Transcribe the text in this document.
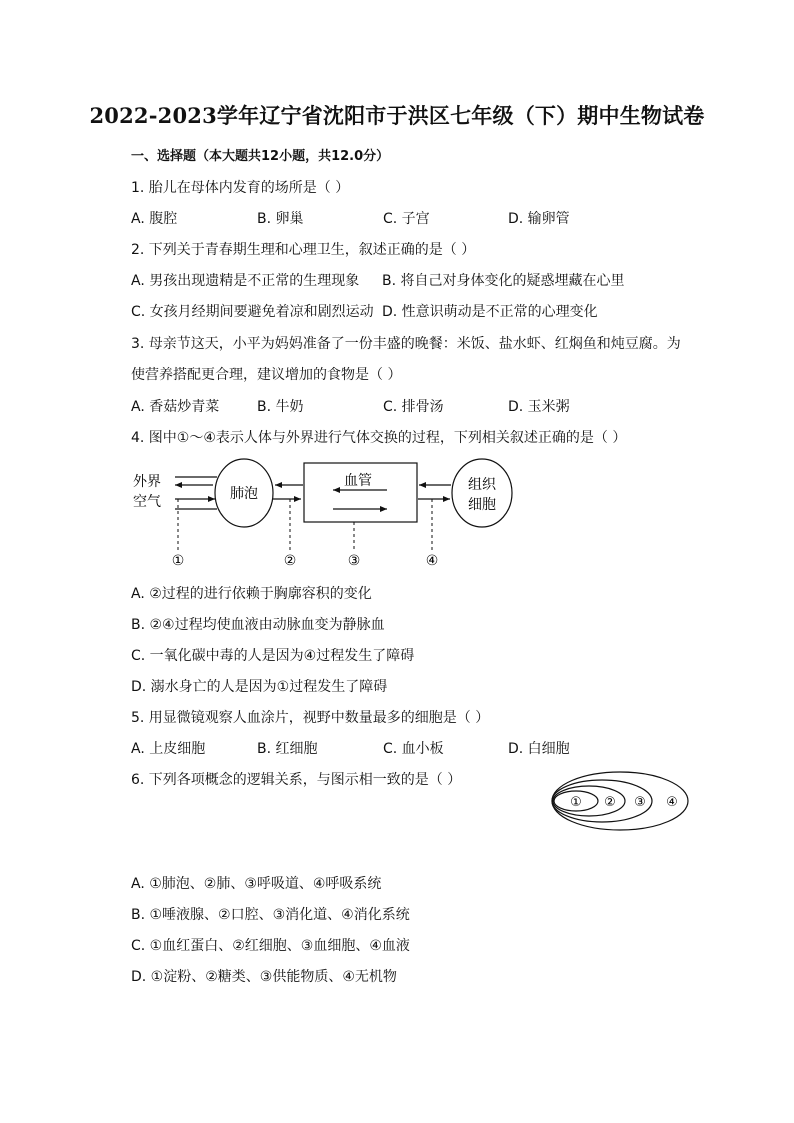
2022-2023学年辽宁省沈阳市于洪区七年级（下）期中生物试卷
一、选择题（本大题共12小题，共12.0分）
1. 胎儿在母体内发育的场所是（ ）
A. 腹腔	B. 卵巢	C. 子宫	D. 输卵管
2. 下列关于青春期生理和心理卫生，叙述正确的是（ ）
A. 男孩出现遗精是不正常的生理现象 B. 将自己对身体变化的疑惑埋藏在心里
C. 女孩月经期间要避免着凉和剧烈运动 D. 性意识萌动是不正常的心理变化
3. 母亲节这天，小平为妈妈准备了一份丰盛的晚餐：米饭、盐水虾、红焖鱼和炖豆腐。为
使营养搭配更合理，建议增加的食物是（ ）
A. 香菇炒青菜	B. 牛奶	C. 排骨汤	D. 玉米粥
4. 图中①～④表示人体与外界进行气体交换的过程，下列相关叙述正确的是（ ）
外界
空气	肺泡
血管	组织
细胞
①	②	③	④
A. ②过程的进行依赖于胸廓容积的变化
B. ②④过程均使血液由动脉血变为静脉血
C. 一氧化碳中毒的人是因为④过程发生了障碍
D. 溺水身亡的人是因为①过程发生了障碍
5. 用显微镜观察人血涂片，视野中数量最多的细胞是（ ）
A. 上皮细胞	B. 红细胞	C. 血小板	D. 白细胞
6. 下列各项概念的逻辑关系，与图示相一致的是（ ）
① ② ③ ④
A. ①肺泡、②肺、③呼吸道、④呼吸系统
B. ①唾液腺、②口腔、③消化道、④消化系统
C. ①血红蛋白、②红细胞、③血细胞、④血液
D. ①淀粉、②糖类、③供能物质、④无机物
